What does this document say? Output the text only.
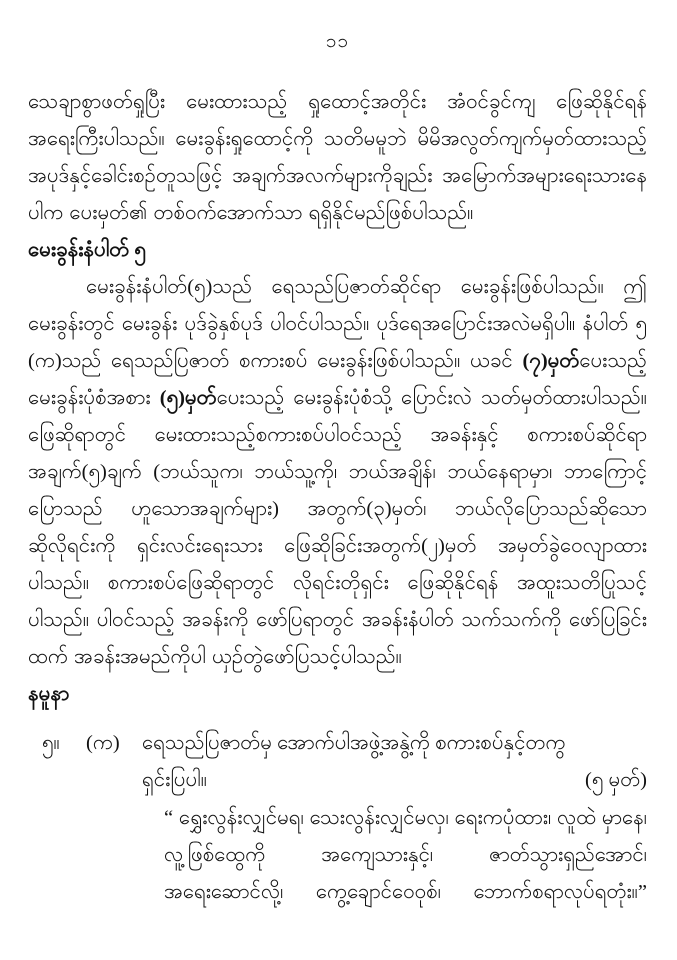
၁၁

သေချာစွာဖတ်ရှုပြီး မေးထားသည့် ရှုထောင့်အတိုင်း အံဝင်ခွင်ကျ ဖြေဆိုနိုင်ရန်အရေးကြီးပါသည်။ မေးခွန်းရှုထောင့်ကို သတိမမူဘဲ မိမိအလွတ်ကျက်မှတ်ထားသည့် အပုဒ်နှင့်ခေါင်းစဉ်တူသဖြင့် အချက်အလက်များကိုချည်း အမြောက်အများရေးသားနေပါက ပေးမှတ်၏ တစ်ဝက်အောက်သာ ရရှိနိုင်မည်ဖြစ်ပါသည်။

မေးခွန်းနံပါတ် ၅

မေးခွန်းနံပါတ်(၅)သည် ရေသည်ပြဇာတ်ဆိုင်ရာ မေးခွန်းဖြစ်ပါသည်။ ဤမေးခွန်းတွင် မေးခွန်း ပုဒ်ခွဲနှစ်ပုဒ် ပါဝင်ပါသည်။ ပုဒ်ရေအပြောင်းအလဲမရှိပါ။ နံပါတ် ၅ (က)သည် ရေသည်ပြဇာတ် စကားစပ် မေးခွန်းဖြစ်ပါသည်။ ယခင် (၇)မှတ်ပေးသည့် မေးခွန်းပုံစံအစား (၅)မှတ်ပေးသည့် မေးခွန်းပုံစံသို့ ပြောင်းလဲ သတ်မှတ်ထားပါသည်။ ဖြေဆိုရာတွင် မေးထားသည့်စကားစပ်ပါဝင်သည့် အခန်းနှင့် စကားစပ်ဆိုင်ရာ အချက်(၅)ချက် (ဘယ်သူက၊ ဘယ်သူ့ကို၊ ဘယ်အချိန်၊ ဘယ်နေရာမှာ၊ ဘာကြောင့်ပြောသည် ဟူသောအချက်များ) အတွက်(၃)မှတ်၊ ဘယ်လိုပြောသည်ဆိုသော ဆိုလိုရင်းကို ရှင်းလင်းရေးသား ဖြေဆိုခြင်းအတွက်(၂)မှတ် အမှတ်ခွဲဝေလျာထားပါသည်။ စကားစပ်ဖြေဆိုရာတွင် လိုရင်းတိုရှင်း ဖြေဆိုနိုင်ရန် အထူးသတိပြုသင့်ပါသည်။ ပါဝင်သည့် အခန်းကို ဖော်ပြရာတွင် အခန်းနံပါတ် သက်သက်ကို ဖော်ပြခြင်းထက် အခန်းအမည်ကိုပါ ယှဉ်တွဲဖော်ပြသင့်ပါသည်။

နမူနာ
၅။	(က)	ရေသည်ပြဇာတ်မှ အောက်ပါအဖွဲ့အနွဲ့ကို စကားစပ်နှင့်တကွ
ရှင်းပြပါ။	(၅ မှတ်)
“ ရွှေးလွန်းလျှင်မရ၊ သေးလွန်းလျှင်မလှ၊ ရေးကပုံထား၊ လူထဲ မှာနေ၊
လူ့ဖြစ်ထွေကို အကျေသားနှင့်၊ ဇာတ်သွားရှည်အောင်၊
အရေးဆောင်လို့၊ ကွေ့ချောင်ဝေဝုစ်၊ ဘောက်စရာလုပ်ရတုံး။”
